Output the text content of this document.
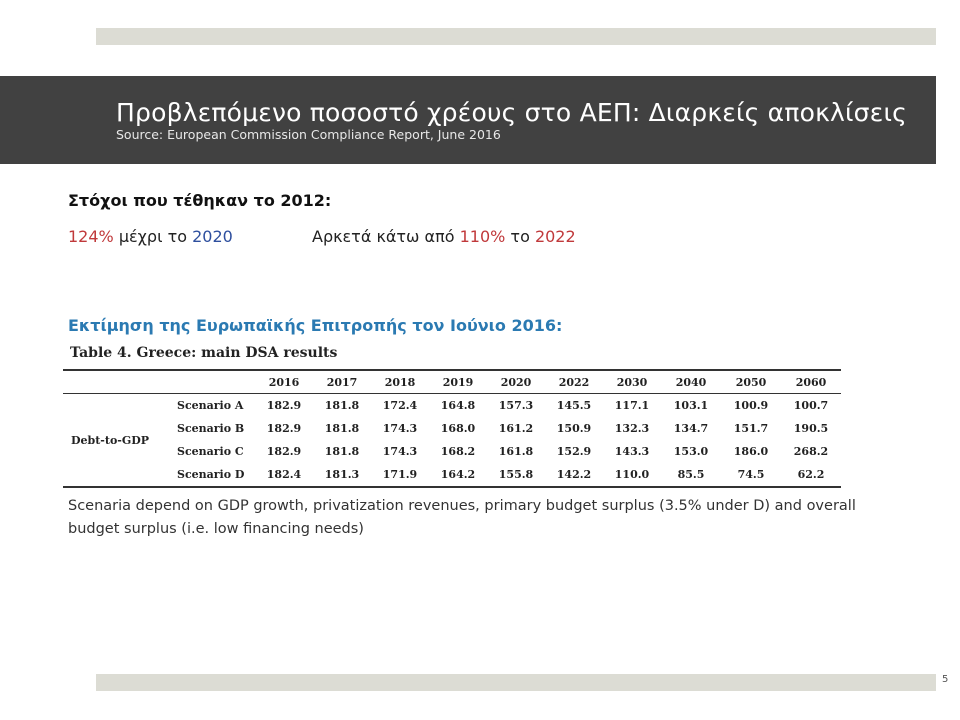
Προβλεπόμενο ποσοστό χρέους στο ΑΕΠ: Διαρκείς αποκλίσεις
Source: European Commission Compliance Report, June 2016
Στόχοι που τέθηκαν το 2012:
124% μέχρι το 2020	Αρκετά κάτω από 110% το 2022
Εκτίμηση της Ευρωπαϊκής Επιτροπής τον Ιούνιο 2016:
Table 4. Greece: main DSA results
		2016	2017	2018	2019	2020	2022	2030	2040	2050	2060
Debt-to-GDP	Scenario A	182.9	181.8	172.4	164.8	157.3	145.5	117.1	103.1	100.9	100.7
	Scenario B	182.9	181.8	174.3	168.0	161.2	150.9	132.3	134.7	151.7	190.5
	Scenario C	182.9	181.8	174.3	168.2	161.8	152.9	143.3	153.0	186.0	268.2
	Scenario D	182.4	181.3	171.9	164.2	155.8	142.2	110.0	85.5	74.5	62.2
Scenaria depend on GDP growth, privatization revenues, primary budget surplus (3.5% under D) and overall budget surplus (i.e. low financing needs)
5
